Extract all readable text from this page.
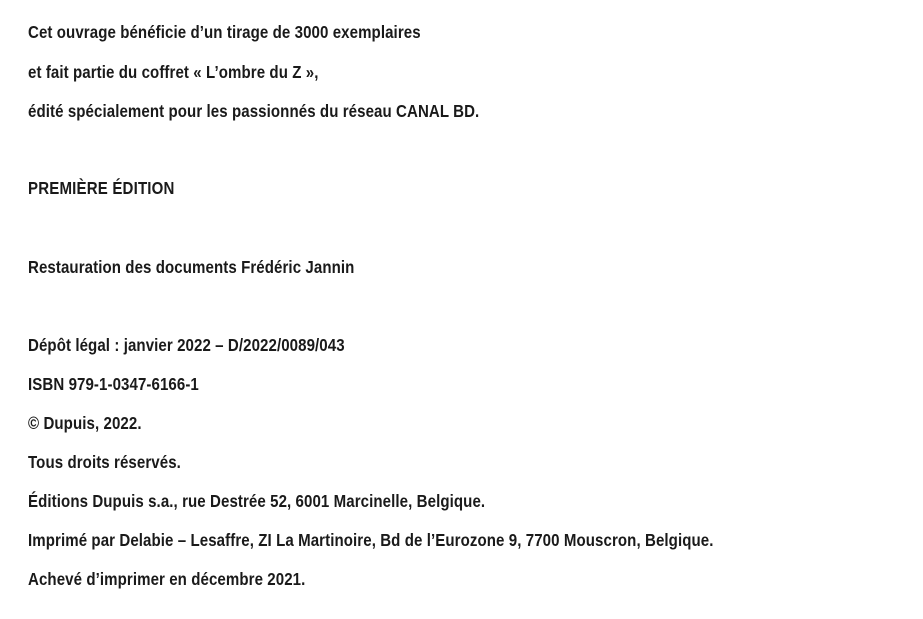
Cet ouvrage bénéficie d’un tirage de 3000 exemplaires

et fait partie du coffret « L’ombre du Z »,

édité spécialement pour les passionnés du réseau CANAL BD.

PREMIÈRE ÉDITION

Restauration des documents Frédéric Jannin

Dépôt légal : janvier 2022 – D/2022/0089/043

ISBN 979-1-0347-6166-1

© Dupuis, 2022.

Tous droits réservés.

Éditions Dupuis s.a., rue Destrée 52, 6001 Marcinelle, Belgique.

Imprimé par Delabie – Lesaffre, ZI La Martinoire, Bd de l’Eurozone 9, 7700 Mouscron, Belgique.

Achevé d’imprimer en décembre 2021.
